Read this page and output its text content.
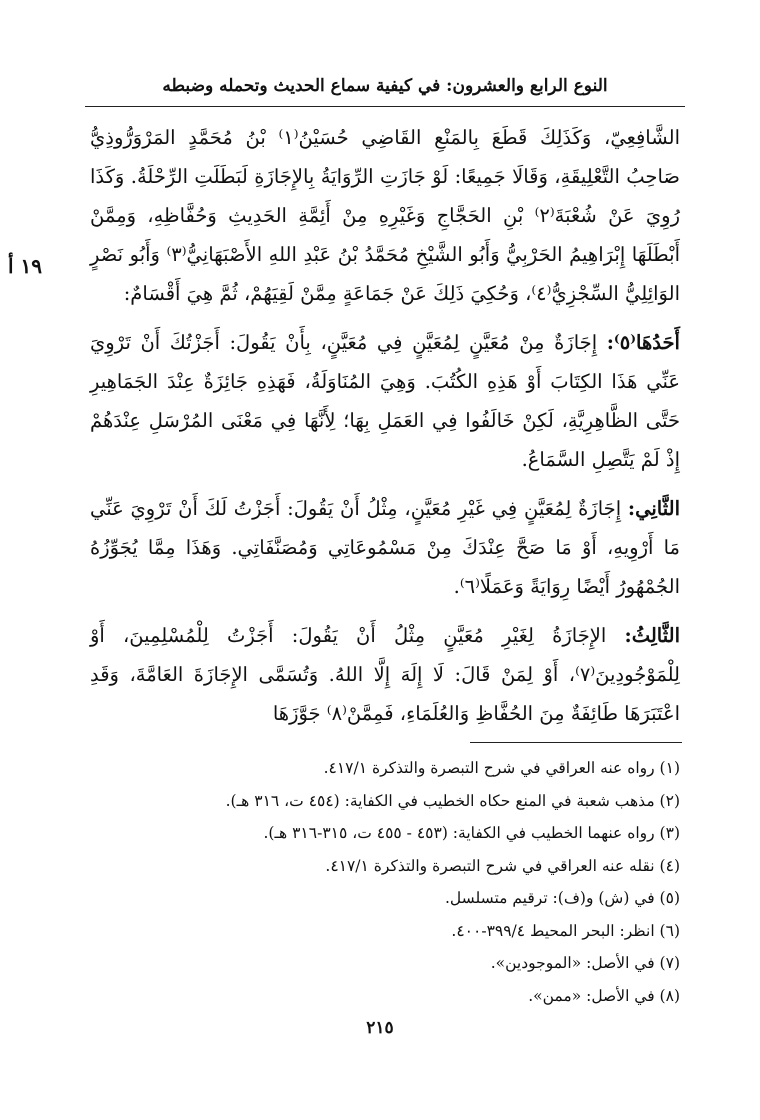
النوع الرابع والعشرون: في كيفية سماع الحديث وتحمله وضبطه
١٩ أ

الشَّافِعِيّ، وَكَذَلِكَ قَطَعَ بِالمَنْعِ القَاضِي حُسَيْنُ⁽١⁾ بْنُ مُحَمَّدٍ المَرْوَرُّوذِيُّ صَاحِبُ التَّعْلِيقَةِ، وَقَالَا جَمِيعًا: لَوْ جَازَتِ الرِّوَايَةُ بِالإِجَازَةِ لَبَطَلَتِ الرِّحْلَةُ. وَكَذَا رُوِيَ عَنْ شُعْبَةَ⁽٢⁾ بْنِ الحَجَّاجِ وَغَيْرِهِ مِنْ أَئِمَّةِ الحَدِيثِ وَحُفَّاظِهِ، وَمِمَّنْ أَبْطَلَهَا إِبْرَاهِيمُ الحَرْبِيُّ وَأَبُو الشَّيْخِ مُحَمَّدُ بْنُ عَبْدِ اللهِ الأَصْبَهَانِيُّ⁽٣⁾ وَأَبُو نَصْرٍ الوَائِلِيُّ السِّجْزِيُّ⁽٤⁾، وَحُكِيَ ذَلِكَ عَنْ جَمَاعَةٍ مِمَّنْ لَقِيَهُمْ، ثُمَّ هِيَ أَقْسَامٌ:

أَحَدُهَا⁽٥⁾: إِجَازَةٌ مِنْ مُعَيَّنٍ لِمُعَيَّنٍ فِي مُعَيَّنٍ، بِأَنْ يَقُولَ: أَجَزْتُكَ أَنْ تَرْوِيَ عَنِّي هَذَا الكِتَابَ أَوْ هَذِهِ الكُتُبَ. وَهِيَ المُنَاوَلَةُ، فَهَذِهِ جَائِزَةٌ عِنْدَ الجَمَاهِيرِ حَتَّى الظَّاهِرِيَّةِ، لَكِنْ خَالَفُوا فِي العَمَلِ بِهَا؛ لِأَنَّهَا فِي مَعْنَى المُرْسَلِ عِنْدَهُمْ إِذْ لَمْ يَتَّصِلِ السَّمَاعُ.

الثَّانِي: إِجَازَةٌ لِمُعَيَّنٍ فِي غَيْرِ مُعَيَّنٍ، مِثْلُ أَنْ يَقُولَ: أَجَزْتُ لَكَ أَنْ تَرْوِيَ عَنِّي مَا أَرْوِيهِ، أَوْ مَا صَحَّ عِنْدَكَ مِنْ مَسْمُوعَاتِي وَمُصَنَّفَاتِي. وَهَذَا مِمَّا يُجَوِّزُهُ الجُمْهُورُ أَيْضًا رِوَايَةً وَعَمَلًا⁽٦⁾.

الثَّالِثُ: الإِجَازَةُ لِغَيْرِ مُعَيَّنٍ مِثْلُ أَنْ يَقُولَ: أَجَزْتُ لِلْمُسْلِمِينَ، أَوْ لِلْمَوْجُودِينَ⁽٧⁾، أَوْ لِمَنْ قَالَ: لَا إِلَهَ إِلَّا اللهُ. وَتُسَمَّى الإِجَازَةَ العَامَّةَ، وَقَدِ اعْتَبَرَهَا طَائِفَةٌ مِنَ الحُفَّاظِ وَالعُلَمَاءِ، فَمِمَّنْ⁽٨⁾ جَوَّزَهَا

(١) رواه عنه العراقي في شرح التبصرة والتذكرة ٤١٧/١.
(٢) مذهب شعبة في المنع حكاه الخطيب في الكفاية: (٤٥٤ ت، ٣١٦ هـ).
(٣) رواه عنهما الخطيب في الكفاية: (٤٥٣ - ٤٥٥ ت، ٣١٥-٣١٦ هـ).
(٤) نقله عنه العراقي في شرح التبصرة والتذكرة ٤١٧/١.
(٥) في (ش) و(ف): ترقيم متسلسل.
(٦) انظر: البحر المحيط ٣٩٩/٤-٤٠٠.
(٧) في الأصل: «الموجودين».
(٨) في الأصل: «ممن».
٢١٥
